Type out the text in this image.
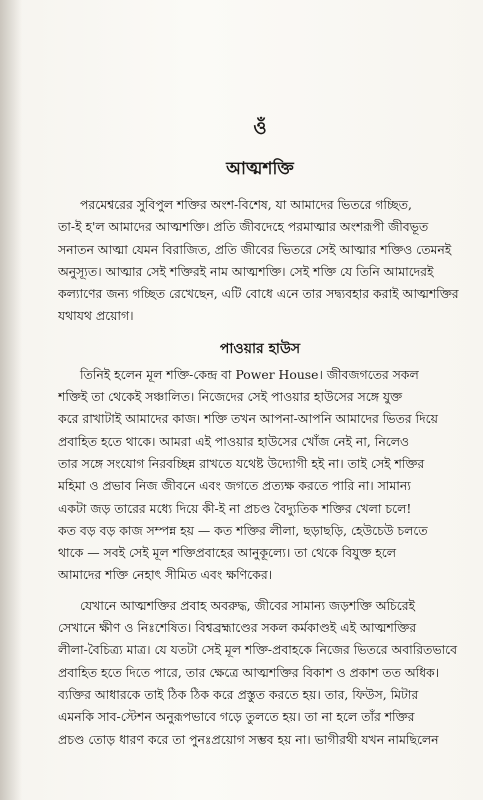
ওঁ
আত্মশক্তি
পরমেশ্বরের সুবিপুল শক্তির অংশ-বিশেষ, যা আমাদের ভিতরে গচ্ছিত,
তা-ই হ'ল আমাদের আত্মশক্তি। প্রতি জীবদেহে পরমাত্মার অংশরূপী জীবভূত
সনাতন আত্মা যেমন বিরাজিত, প্রতি জীবের ভিতরে সেই আত্মার শক্তিও তেমনই
অনুস্যূত। আত্মার সেই শক্তিরই নাম আত্মশক্তি। সেই শক্তি যে তিনি আমাদেরই
কল্যাণের জন্য গচ্ছিত রেখেছেন, এটি বোধে এনে তার সদ্ব্যবহার করাই আত্মশক্তির
যথাযথ প্রয়োগ।
পাওয়ার হাউস
তিনিই হলেন মূল শক্তি-কেন্দ্র বা Power House। জীবজগতের সকল
শক্তিই তা থেকেই সঞ্চালিত। নিজেদের সেই পাওয়ার হাউসের সঙ্গে যুক্ত
করে রাখাটাই আমাদের কাজ। শক্তি তখন আপনা-আপনি আমাদের ভিতর দিয়ে
প্রবাহিত হতে থাকে। আমরা এই পাওয়ার হাউসের খোঁজ নেই না, নিলেও
তার সঙ্গে সংযোগ নিরবচ্ছিন্ন রাখতে যথেষ্ট উদ্যোগী হই না। তাই সেই শক্তির
মহিমা ও প্রভাব নিজ জীবনে এবং জগতে প্রত্যক্ষ করতে পারি না। সামান্য
একটা জড় তারের মধ্যে দিয়ে কী-ই না প্রচণ্ড বৈদ্যুতিক শক্তির খেলা চলে!
কত বড় বড় কাজ সম্পন্ন হয় — কত শক্তির লীলা, ছড়াছড়ি, হেউচেউ চলতে
থাকে — সবই সেই মূল শক্তিপ্রবাহের আনুকূল্যে। তা থেকে বিযুক্ত হলে
আমাদের শক্তি নেহাৎ সীমিত এবং ক্ষণিকের।
যেখানে আত্মশক্তির প্রবাহ অবরুদ্ধ, জীবের সামান্য জড়শক্তি অচিরেই
সেখানে ক্ষীণ ও নিঃশেষিত। বিশ্বব্রহ্মাণ্ডের সকল কর্মকাণ্ডই এই আত্মশক্তির
লীলা-বৈচিত্র্য মাত্র। যে যতটা সেই মূল শক্তি-প্রবাহকে নিজের ভিতরে অবারিতভাবে
প্রবাহিত হতে দিতে পারে, তার ক্ষেত্রে আত্মশক্তির বিকাশ ও প্রকাশ তত অধিক।
ব্যক্তির আধারকে তাই ঠিক ঠিক করে প্রস্তুত করতে হয়। তার, ফিউস, মিটার
এমনকি সাব-স্টেশন অনুরূপভাবে গড়ে তুলতে হয়। তা না হলে তাঁর শক্তির
প্রচণ্ড তোড় ধারণ করে তা পুনঃপ্রয়োগ সম্ভব হয় না। ভাগীরথী যখন নামছিলেন
